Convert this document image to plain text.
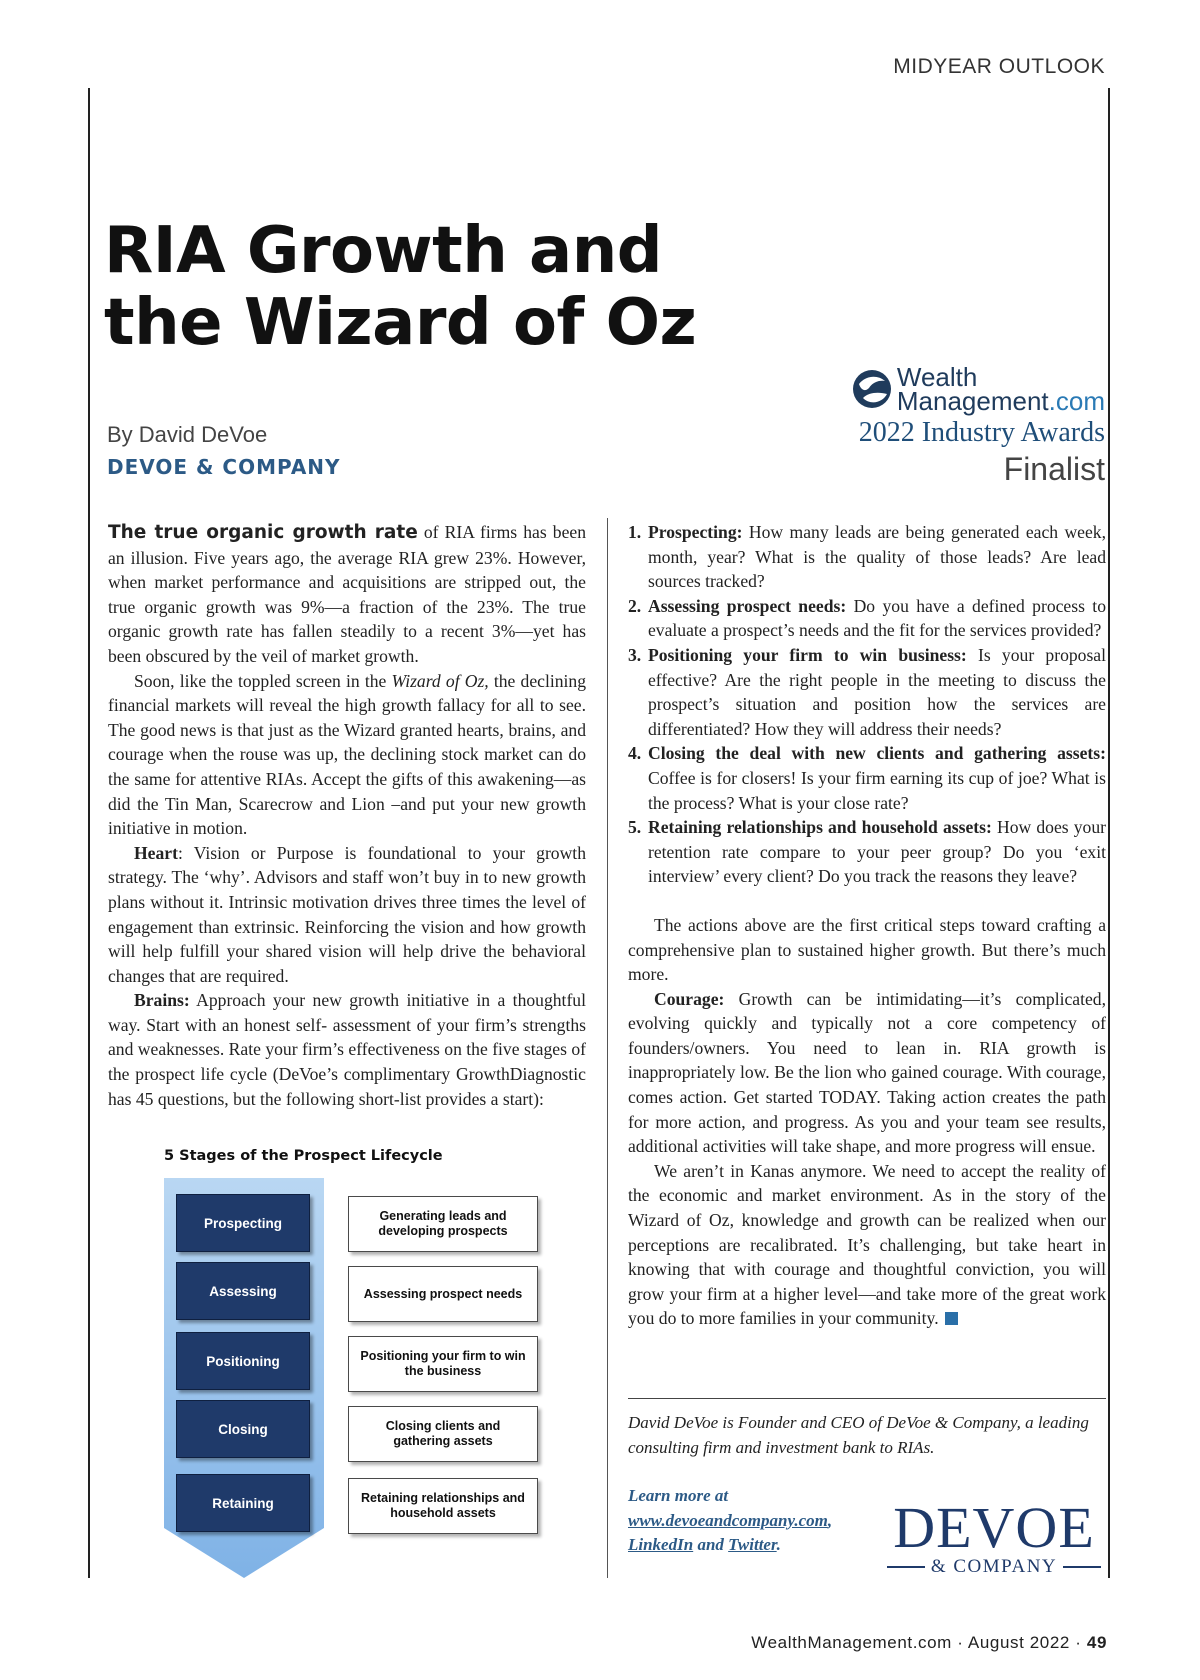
MIDYEAR OUTLOOK
RIA Growth and
the Wizard of Oz
By David DeVoe
DEVOE & COMPANY
Wealth
Management.com
2022 Industry Awards
Finalist

The true organic growth rate of RIA firms has been an illusion. Five years ago, the average RIA grew 23%. However, when market performance and acquisitions are stripped out, the true organic growth was 9%—a fraction of the 23%. The true organic growth rate has fallen steadily to a recent 3%—yet has been obscured by the veil of market growth.

Soon, like the toppled screen in the Wizard of Oz, the declining financial markets will reveal the high growth fallacy for all to see. The good news is that just as the Wizard granted hearts, brains, and courage when the rouse was up, the declining stock market can do the same for attentive RIAs. Accept the gifts of this awakening—as did the Tin Man, Scarecrow and Lion –and put your new growth initiative in motion.

Heart: Vision or Purpose is foundational to your growth strategy. The ‘why’. Advisors and staff won’t buy in to new growth plans without it. Intrinsic motivation drives three times the level of engagement than extrinsic. Reinforcing the vision and how growth will help fulfill your shared vision will help drive the behavioral changes that are required.

Brains: Approach your new growth initiative in a thoughtful way. Start with an honest self- assessment of your firm’s strengths and weaknesses. Rate your firm’s effectiveness on the five stages of the prospect life cycle (DeVoe’s complimentary GrowthDiagnostic has 45 questions, but the following short-list provides a start):

5 Stages of the Prospect Lifecycle
Prospecting
Assessing
Positioning
Closing
Retaining
Generating leads and developing prospects
Assessing prospect needs
Positioning your firm to win the business
Closing clients and gathering assets
Retaining relationships and household assets
1. Prospecting: How many leads are being generated each week, month, year? What is the quality of those leads? Are lead sources tracked?
2. Assessing prospect needs: Do you have a defined process to evaluate a prospect’s needs and the fit for the services provided?
3. Positioning your firm to win business: Is your proposal effective? Are the right people in the meeting to discuss the prospect’s situation and position how the services are differentiated? How they will address their needs?
4. Closing the deal with new clients and gathering assets: Coffee is for closers! Is your firm earning its cup of joe? What is the process? What is your close rate?
5. Retaining relationships and household assets: How does your retention rate compare to your peer group? Do you ‘exit interview’ every client? Do you track the reasons they leave?

The actions above are the first critical steps toward crafting a comprehensive plan to sustained higher growth. But there’s much more.

Courage: Growth can be intimidating—it’s complicated, evolving quickly and typically not a core competency of founders/owners. You need to lean in. RIA growth is inappropriately low. Be the lion who gained courage. With courage, comes action. Get started TODAY. Taking action creates the path for more action, and progress. As you and your team see results, additional activities will take shape, and more progress will ensue.

We aren’t in Kanas anymore. We need to accept the reality of the economic and market environment. As in the story of the Wizard of Oz, knowledge and growth can be realized when our perceptions are recalibrated. It’s challenging, but take heart in knowing that with courage and thoughtful conviction, you will grow your firm at a higher level—and take more of the great work you do to more families in your community.

David DeVoe is Founder and CEO of DeVoe & Company, a leading consulting firm and investment bank to RIAs.
Learn more at
www.devoeandcompany.com,
LinkedIn and Twitter.	DEVOE
& COMPANY
WealthManagement.com · August 2022 · 49
